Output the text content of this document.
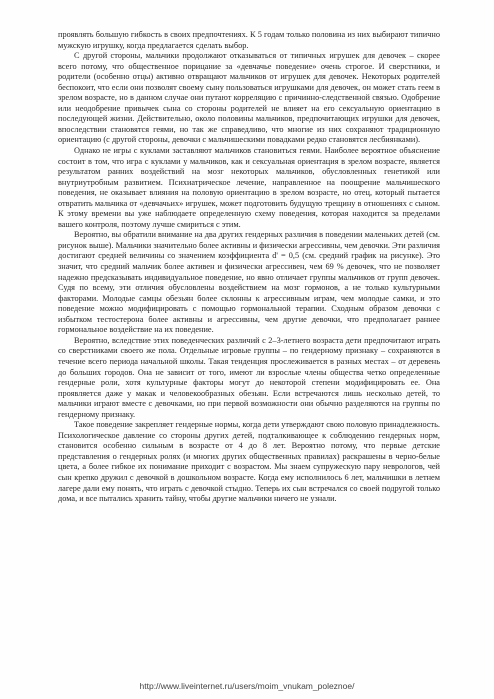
проявлять большую гибкость в своих предпочтениях. К 5 годам только половина из них выбирают типично мужскую игрушку, когда предлагается сделать выбор.

С другой стороны, мальчики продолжают отказываться от типичных игрушек для девочек – скорее всего потому, что общественное порицание за «девчачье поведение» очень строгое. И сверстники, и родители (особенно отцы) активно отвращают мальчиков от игрушек для девочек. Некоторых родителей беспокоит, что если они позволят своему сыну пользоваться игрушками для девочек, он может стать геем в зрелом возрасте, но в данном случае они путают корреляцию с причинно-следственной связью. Одобрение или неодобрение привычек сына со стороны родителей не влияет на его сексуальную ориентацию в последующей жизни. Действительно, около половины мальчиков, предпочитающих игрушки для девочек, впоследствии становятся геями, но так же справедливо, что многие из них сохраняют традиционную ориентацию (с другой стороны, девочки с мальчишескими повадками редко становятся лесбиянками).

Однако не игры с куклами заставляют мальчиков становиться геями. Наиболее вероятное объяснение состоит в том, что игра с куклами у мальчиков, как и сексуальная ориентация в зрелом возрасте, является результатом ранних воздействий на мозг некоторых мальчиков, обусловленных генетикой или внутриутробным развитием. Психиатрическое лечение, направленное на поощрение мальчишеского поведения, не оказывает влияния на половую ориентацию в зрелом возрасте, но отец, который пытается отвратить мальчика от «девчачьих» игрушек, может подготовить будущую трещину в отношениях с сыном. К этому времени вы уже наблюдаете определенную схему поведения, которая находится за пределами вашего контроля, поэтому лучше смириться с этим.

Вероятно, вы обратили внимание на два других гендерных различия в поведении маленьких детей (см. рисунок выше). Мальчики значительно более активны и физически агрессивны, чем девочки. Эти различия достигают средней величины со значением коэффициента d' = 0,5 (см. средний график на рисунке). Это значит, что средний мальчик более активен и физически агрессивен, чем 69 % девочек, что не позволяет надежно предсказывать индивидуальное поведение, но явно отличает группы мальчиков от групп девочек. Судя по всему, эти отличия обусловлены воздействием на мозг гормонов, а не только культурными факторами. Молодые самцы обезьян более склонны к агрессивным играм, чем молодые самки, и это поведение можно модифицировать с помощью гормональной терапии. Сходным образом девочки с избытком тестостерона более активны и агрессивны, чем другие девочки, что предполагает раннее гормональное воздействие на их поведение.

Вероятно, вследствие этих поведенческих различий с 2–3-летнего возраста дети предпочитают играть со сверстниками своего же пола. Отдельные игровые группы – по гендерному признаку – сохраняются в течение всего периода начальной школы. Такая тенденция прослеживается в разных местах – от деревень до больших городов. Она не зависит от того, имеют ли взрослые члены общества четко определенные гендерные роли, хотя культурные факторы могут до некоторой степени модифицировать ее. Она проявляется даже у макак и человекообразных обезьян. Если встречаются лишь несколько детей, то мальчики играют вместе с девочками, но при первой возможности они обычно разделяются на группы по гендерному признаку.

Такое поведение закрепляет гендерные нормы, когда дети утверждают свою половую принадлежность. Психологическое давление со стороны других детей, подталкивающее к соблюдению гендерных норм, становится особенно сильным в возрасте от 4 до 8 лет. Вероятно потому, что первые детские представления о гендерных ролях (и многих других общественных правилах) раскрашены в черно-белые цвета, а более гибкое их понимание приходит с возрастом. Мы знаем супружескую пару неврологов, чей сын крепко дружил с девочкой в дошкольном возрасте. Когда ему исполнилось 6 лет, мальчишки в летнем лагере дали ему понять, что играть с девочкой стыдно. Теперь их сын встречался со своей подругой только дома, и все пытались хранить тайну, чтобы другие мальчики ничего не узнали.

http://www.liveinternet.ru/users/moim_vnukam_poleznoe/
